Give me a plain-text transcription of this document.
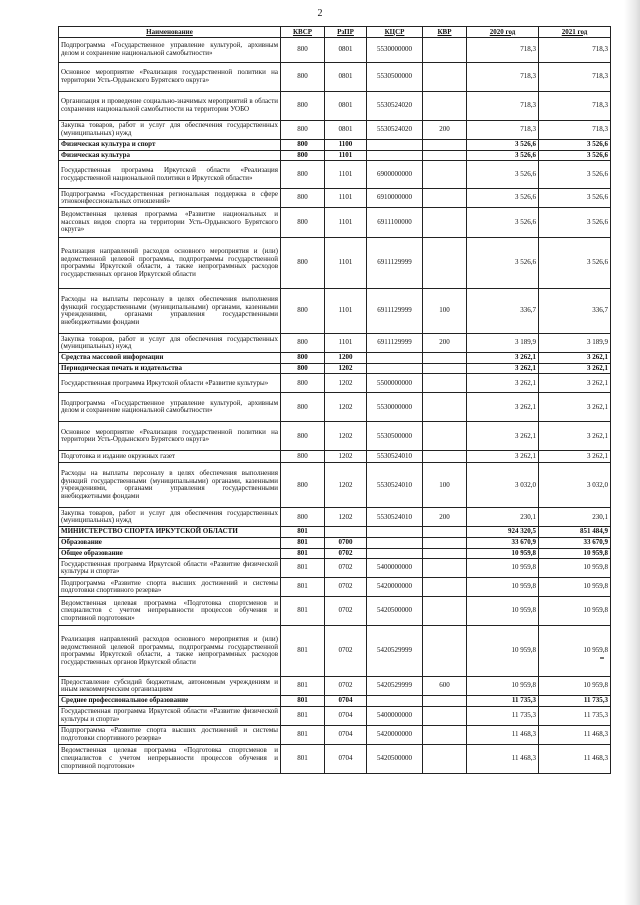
2
Наименование	КВСР	РзПР	КЦСР	КВР	2020 год	2021 год
Подпрограмма «Государственное управление культурой, архивным делом и сохранение национальной самобытности»	800	0801	5530000000		718,3	718,3
Основное мероприятие «Реализация государственной политики на территории Усть-Ордынского Бурятского округа»	800	0801	5530500000		718,3	718,3
Организация и проведение социально-значимых мероприятий в области сохранения национальной самобытности на территории УОБО	800	0801	5530524020		718,3	718,3
Закупка товаров, работ и услуг для обеспечения государственных (муниципальных) нужд	800	0801	5530524020	200	718,3	718,3
Физическая культура и спорт	800	1100			3 526,6	3 526,6
Физическая культура	800	1101			3 526,6	3 526,6
Государственная программа Иркутской области «Реализация государственной национальной политики в Иркутской области»	800	1101	6900000000		3 526,6	3 526,6
Подпрограмма «Государственная региональная поддержка в сфере этноконфессиональных отношений»	800	1101	6910000000		3 526,6	3 526,6
Ведомственная целевая программа «Развитие национальных и массовых видов спорта на территории Усть-Ордынского Бурятского округа»	800	1101	6911100000		3 526,6	3 526,6
Реализация направлений расходов основного мероприятия и (или) ведомственной целевой программы, подпрограммы государственной программы Иркутской области, а также непрограммных расходов государственных органов Иркутской области	800	1101	6911129999		3 526,6	3 526,6
Расходы на выплаты персоналу в целях обеспечения выполнения функций государственными (муниципальными) органами, казенными учреждениями, органами управления государственными внебюджетными фондами	800	1101	6911129999	100	336,7	336,7
Закупка товаров, работ и услуг для обеспечения государственных (муниципальных) нужд	800	1101	6911129999	200	3 189,9	3 189,9
Средства массовой информации	800	1200			3 262,1	3 262,1
Периодическая печать и издательства	800	1202			3 262,1	3 262,1
Государственная программа Иркутской области «Развитие культуры»	800	1202	5500000000		3 262,1	3 262,1
Подпрограмма «Государственное управление культурой, архивным делом и сохранение национальной самобытности»	800	1202	5530000000		3 262,1	3 262,1
Основное мероприятие «Реализация государственной политики на территории Усть-Ордынского Бурятского округа»	800	1202	5530500000		3 262,1	3 262,1
Подготовка и издание окружных газет	800	1202	5530524010		3 262,1	3 262,1
Расходы на выплаты персоналу в целях обеспечения выполнения функций государственными (муниципальными) органами, казенными учреждениями, органами управления государственными внебюджетными фондами	800	1202	5530524010	100	3 032,0	3 032,0
Закупка товаров, работ и услуг для обеспечения государственных (муниципальных) нужд	800	1202	5530524010	200	230,1	230,1
МИНИСТЕРСТВО СПОРТА ИРКУТСКОЙ ОБЛАСТИ	801				924 320,5	851 484,9
Образование	801	0700			33 670,9	33 670,9
Общее образование	801	0702			10 959,8	10 959,8
Государственная программа Иркутской области «Развитие физической культуры и спорта»	801	0702	5400000000		10 959,8	10 959,8
Подпрограмма «Развитие спорта высших достижений и системы подготовки спортивного резерва»	801	0702	5420000000		10 959,8	10 959,8
Ведомственная целевая программа «Подготовка спортсменов и специалистов с учетом непрерывности процессов обучения и спортивной подготовки»	801	0702	5420500000		10 959,8	10 959,8
Реализация направлений расходов основного мероприятия и (или) ведомственной целевой программы, подпрограммы государственной программы Иркутской области, а также непрограммных расходов государственных органов Иркутской области	801	0702	5420529999		10 959,8	10 959,8
Предоставление субсидий бюджетным, автономным учреждениям и иным некоммерческим организациям	801	0702	5420529999	600	10 959,8	10 959,8
Среднее профессиональное образование	801	0704			11 735,3	11 735,3
Государственная программа Иркутской области «Развитие физической культуры и спорта»	801	0704	5400000000		11 735,3	11 735,3
Подпрограмма «Развитие спорта высших достижений и системы подготовки спортивного резерва»	801	0704	5420000000		11 468,3	11 468,3
Ведомственная целевая программа «Подготовка спортсменов и специалистов с учетом непрерывности процессов обучения и спортивной подготовки»	801	0704	5420500000		11 468,3	11 468,3
